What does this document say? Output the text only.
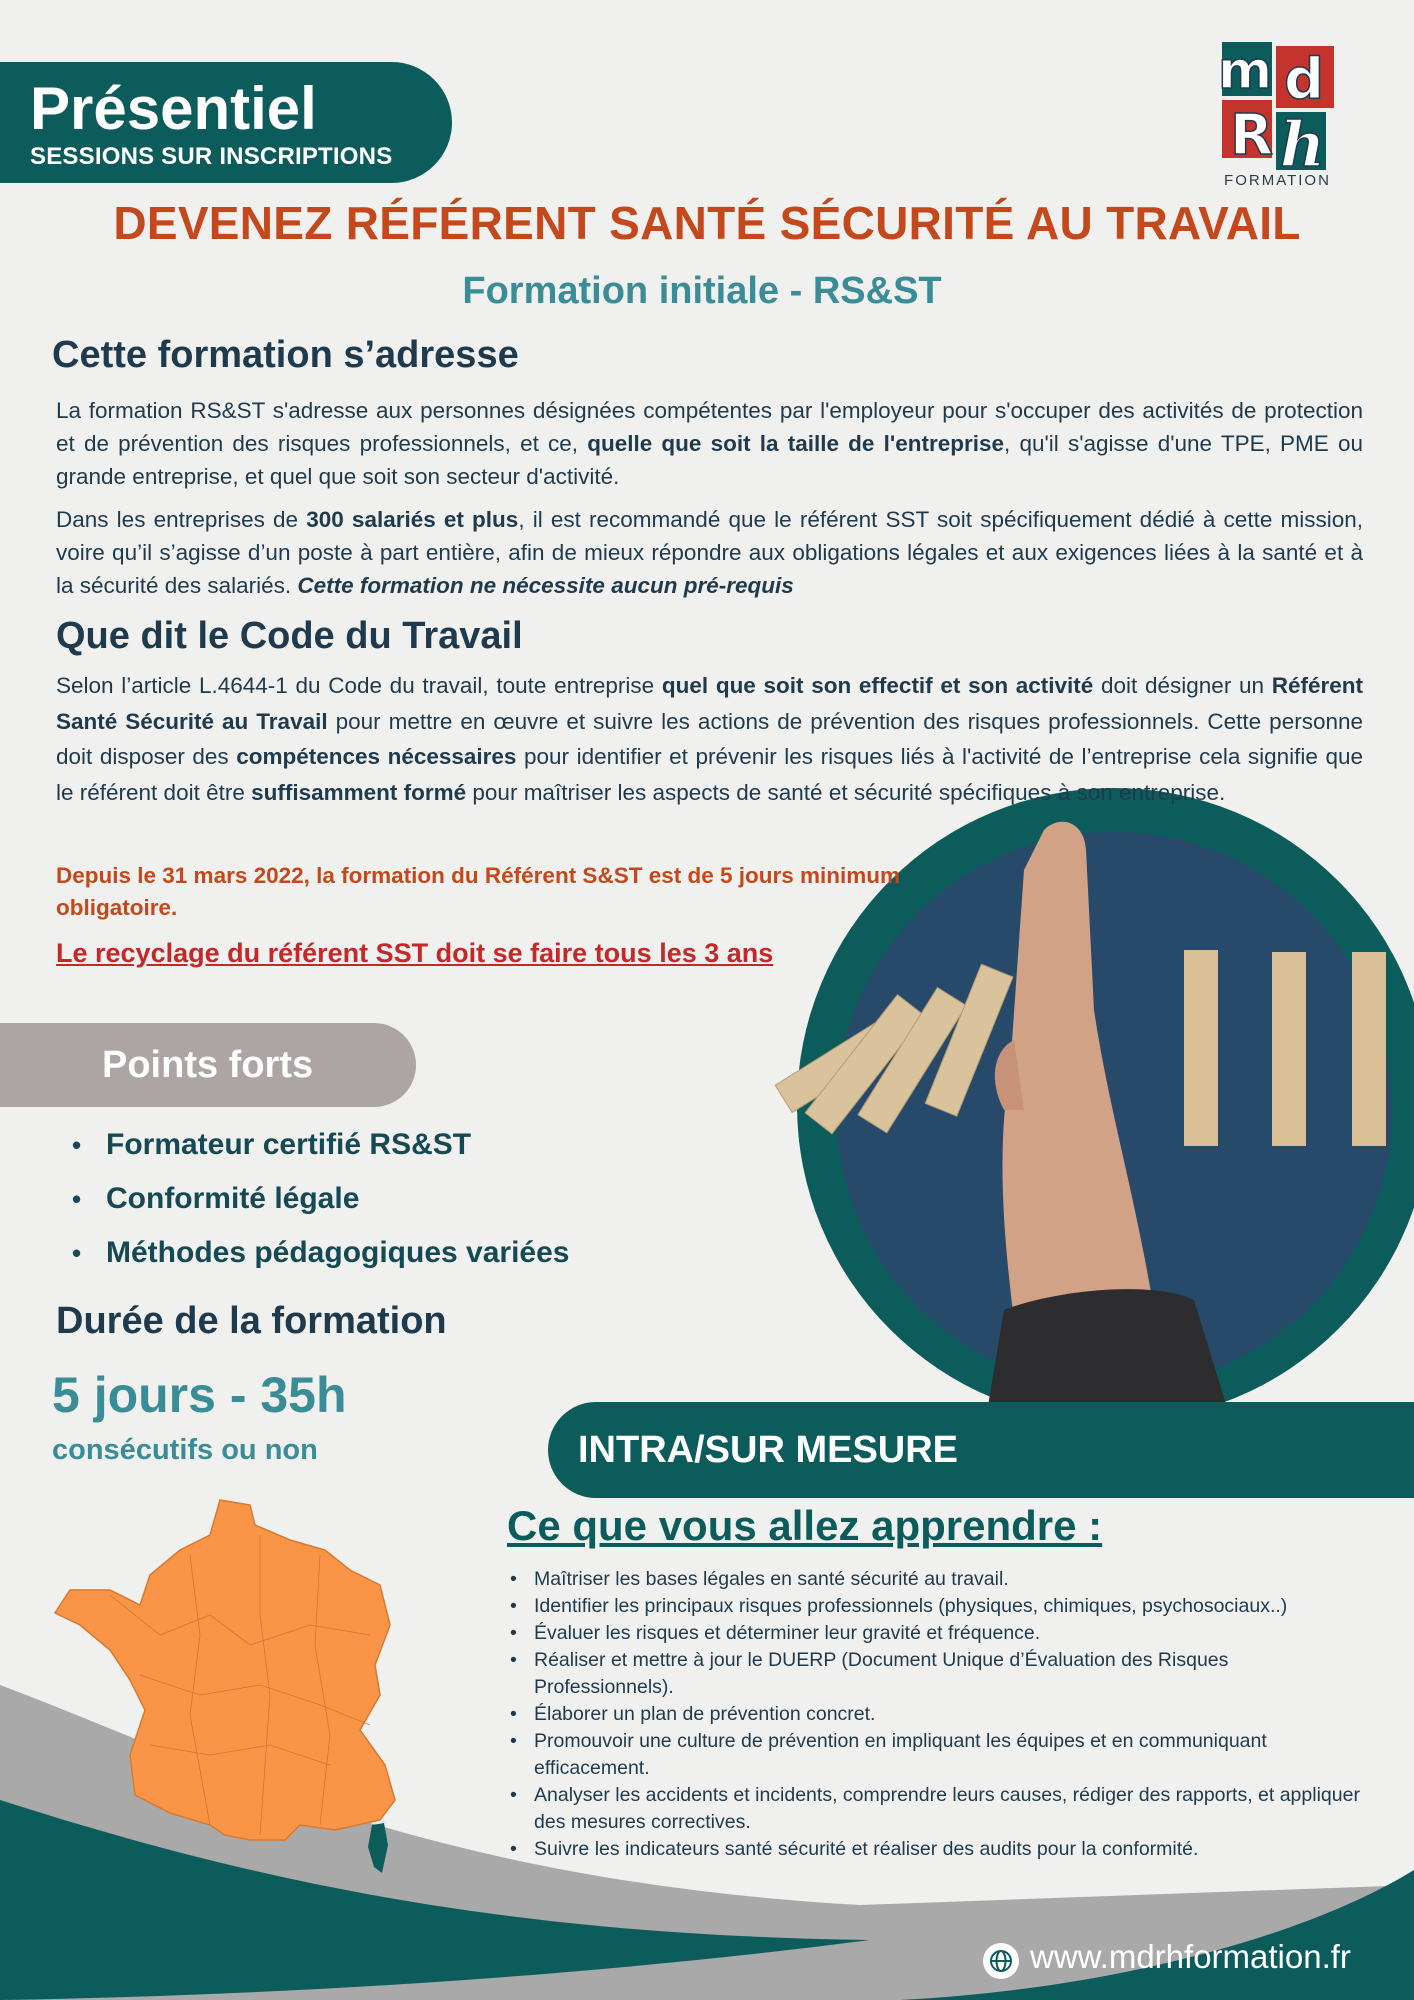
Présentiel
SESSIONS SUR INSCRIPTIONS
m d
R h
FORMATION
DEVENEZ RÉFÉRENT SANTÉ SÉCURITÉ AU TRAVAIL
Formation initiale - RS&ST
Cette formation s’adresse
La formation RS&ST s'adresse aux personnes désignées compétentes par l'employeur pour s'occuper des activités de protection et de prévention des risques professionnels, et ce, quelle que soit la taille de l'entreprise, qu'il s'agisse d'une TPE, PME ou grande entreprise, et quel que soit son secteur d'activité.
Dans les entreprises de 300 salariés et plus, il est recommandé que le référent SST soit spécifiquement dédié à cette mission, voire qu’il s’agisse d’un poste à part entière, afin de mieux répondre aux obligations légales et aux exigences liées à la santé et à la sécurité des salariés. Cette formation ne nécessite aucun pré-requis
Que dit le Code du Travail
Selon l’article L.4644-1 du Code du travail, toute entreprise quel que soit son effectif et son activité doit désigner un Référent Santé Sécurité au Travail pour mettre en œuvre et suivre les actions de prévention des risques professionnels. Cette personne doit disposer des compétences nécessaires pour identifier et prévenir les risques liés à l'activité de l’entreprise cela signifie que le référent doit être suffisamment formé pour maîtriser les aspects de santé et sécurité spécifiques à son entreprise.
Depuis le 31 mars 2022, la formation du Référent S&ST est de 5 jours minimum obligatoire.
Le recyclage du référent SST doit se faire tous les 3 ans
Points forts
• Formateur certifié RS&ST
• Conformité légale
• Méthodes pédagogiques variées
Durée de la formation
5 jours - 35h
consécutifs ou non	INTRA/SUR MESURE
Ce que vous allez apprendre :
• Maîtriser les bases légales en santé sécurité au travail.
• Identifier les principaux risques professionnels (physiques, chimiques, psychosociaux..)
• Évaluer les risques et déterminer leur gravité et fréquence.
• Réaliser et mettre à jour le DUERP (Document Unique d’Évaluation des Risques Professionnels).
• Élaborer un plan de prévention concret.
• Promouvoir une culture de prévention en impliquant les équipes et en communiquant efficacement.
• Analyser les accidents et incidents, comprendre leurs causes, rédiger des rapports, et appliquer des mesures correctives.
• Suivre les indicateurs santé sécurité et réaliser des audits pour la conformité.
www.mdrhformation.fr
